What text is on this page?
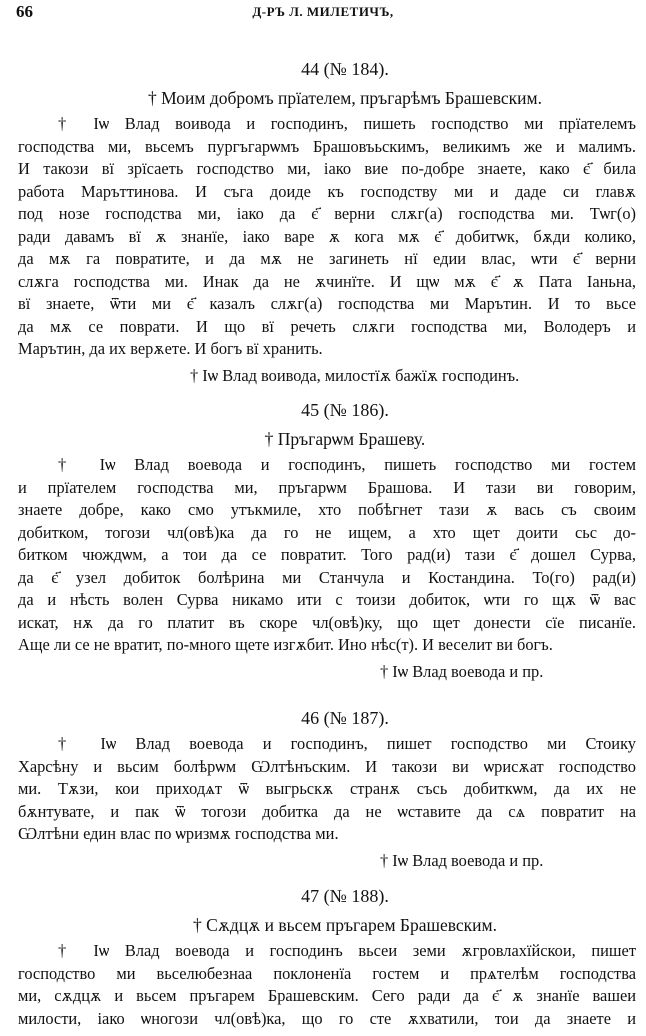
66	Д-РЪ Л. МИЛЕТИЧЪ,
44 (№ 184).
† Моим добромъ прїателем, пръгарѣмъ Брашевским.
† Іѡ Влад воивода и господинъ, пишеть господство ми прїателемъ
господства ми, вьсемъ пургъгарѡмъ Брашовъьскимъ, великимъ же и малимъ.
И такози вї зрїсаеть господство ми, іако вие по-добре знаете, како є҃ била
работа Маръттинова. И съга доиде къ господству ми и даде си главѫ
под нозе господства ми, іако да є҃ верни слѫг(а) господства ми. Тѡг(о)
ради давамъ вї ѫ знанїе, іако варе ѫ кога мѫ є҃ добитѡк, бѫди колико,
да мѫ га повратите, и да мѫ не загинеть нї едии влас, ѡти є҃ верни
слѫга господства ми. Инак да не ѫчинїте. И щѡ мѫ є҃ ѫ Пата Іаньна,
вї знаете, ѿти ми є҃ казалъ слѫг(а) господства ми Марътин. И то вьсе
да мѫ се поврати. И що вї речеть слѫги господства ми, Володеръ и
Марътин, да их верѫете. И богъ вї хранить.
† Іѡ Влад воивода, милостїѫ бажїѫ господинъ.
45 (№ 186).
† Пръгарѡм Брашеву.
† Іѡ Влад воевода и господинъ, пишеть господство ми гостем
и прїателем господства ми, пръгарѡм Брашова. И тази ви говорим,
знаете добре, како смо утъкмиле, хто побѣгнет тази ѫ вась съ своим
добитком, тогози чл(овѣ)ка да го не ищем, а хто щет доити сьс до-
битком чюждѡм, а тои да се повратит. Того рад(и) тази є҃ дошел Сурва,
да є҃ узел добиток болѣрина ми Станчула и Костандина. То(го) рад(и)
да и нѣсть волен Сурва никамо ити с тоизи добиток, ѡти го щѫ ѿ вас
искат, нѫ да го платит въ скоре чл(овѣ)ку, що щет донести сїе писанїе.
Аще ли се не вратит, по-много щете изгѫбит. Ино нѣс(т). И веселит ви богъ.
† Іѡ Влад воевода и пр.
46 (№ 187).
† Іѡ Влад воевода и господинъ, пишет господство ми Стоику
Харсѣну и вьсим болѣрѡм Ѡлтѣнъским. И такози ви ѡрисѫат господство
ми. Тѫзи, кои приходѧт ѿ выгрьскѫ странѫ съсь добиткѡм, да их не
бѫнтувате, и пак ѿ тогози добитка да не ѡставите да сѧ повратит на
Ѡлтѣни един влас по ѡризмѫ господства ми.
† Іѡ Влад воевода и пр.
47 (№ 188).
† Сѫдцѫ и вьсем пръгарем Брашевским.
† Іѡ Влад воевода и господинъ вьсеи земи ѫгровлахїйскои, пишет
господство ми вьселюбезнаа поклоненїа гостем и прѧтелѣм господства
ми, сѫдцѫ и вьсем пръгарем Брашевским. Сего ради да є҃ ѫ знанїе вашеи
милости, іако ѡногози чл(овѣ)ка, що го сте ѫхватили, тои да знаете и
